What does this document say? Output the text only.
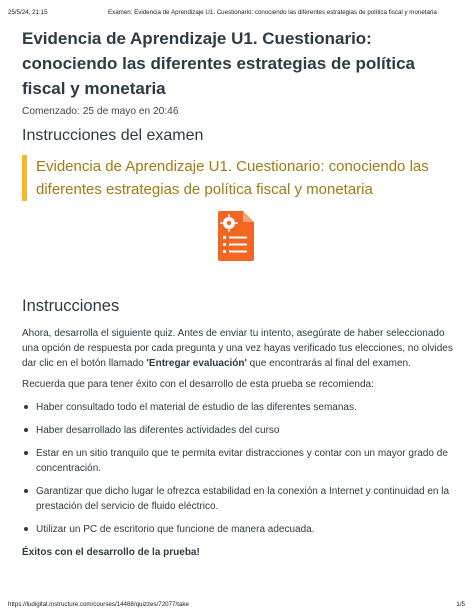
25/5/24, 21:15	Examen: Evidencia de Aprendizaje U1. Cuestionario: conociendo las diferentes estrategias de política fiscal y monetaria
Evidencia de Aprendizaje U1. Cuestionario: conociendo las diferentes estrategias de política fiscal y monetaria
Comenzado: 25 de mayo en 20:46
Instrucciones del examen
Evidencia de Aprendizaje U1. Cuestionario: conociendo las diferentes estrategias de política fiscal y monetaria
Instrucciones

Ahora, desarrolla el siguiente quiz. Antes de enviar tu intento, asegúrate de haber seleccionado una opción de respuesta por cada pregunta y una vez hayas verificado tus elecciones, no olvides dar clic en el botón llamado 'Entregar evaluación' que encontrarás al final del examen.

Recuerda que para tener éxito con el desarrollo de esta prueba se recomienda:

Haber consultado todo el material de estudio de las diferentes semanas.
Haber desarrollado las diferentes actividades del curso
Estar en un sitio tranquilo que te permita evitar distracciones y contar con un mayor grado de concentración.
Garantizar que dicho lugar le ofrezca estabilidad en la conexión a Internet y continuidad en la prestación del servicio de fluido eléctrico.
Utilizar un PC de escritorio que funcione de manera adecuada.

Éxitos con el desarrollo de la prueba!

https://ludigital.instructure.com/courses/14468/quizzes/72077/take	1/5
